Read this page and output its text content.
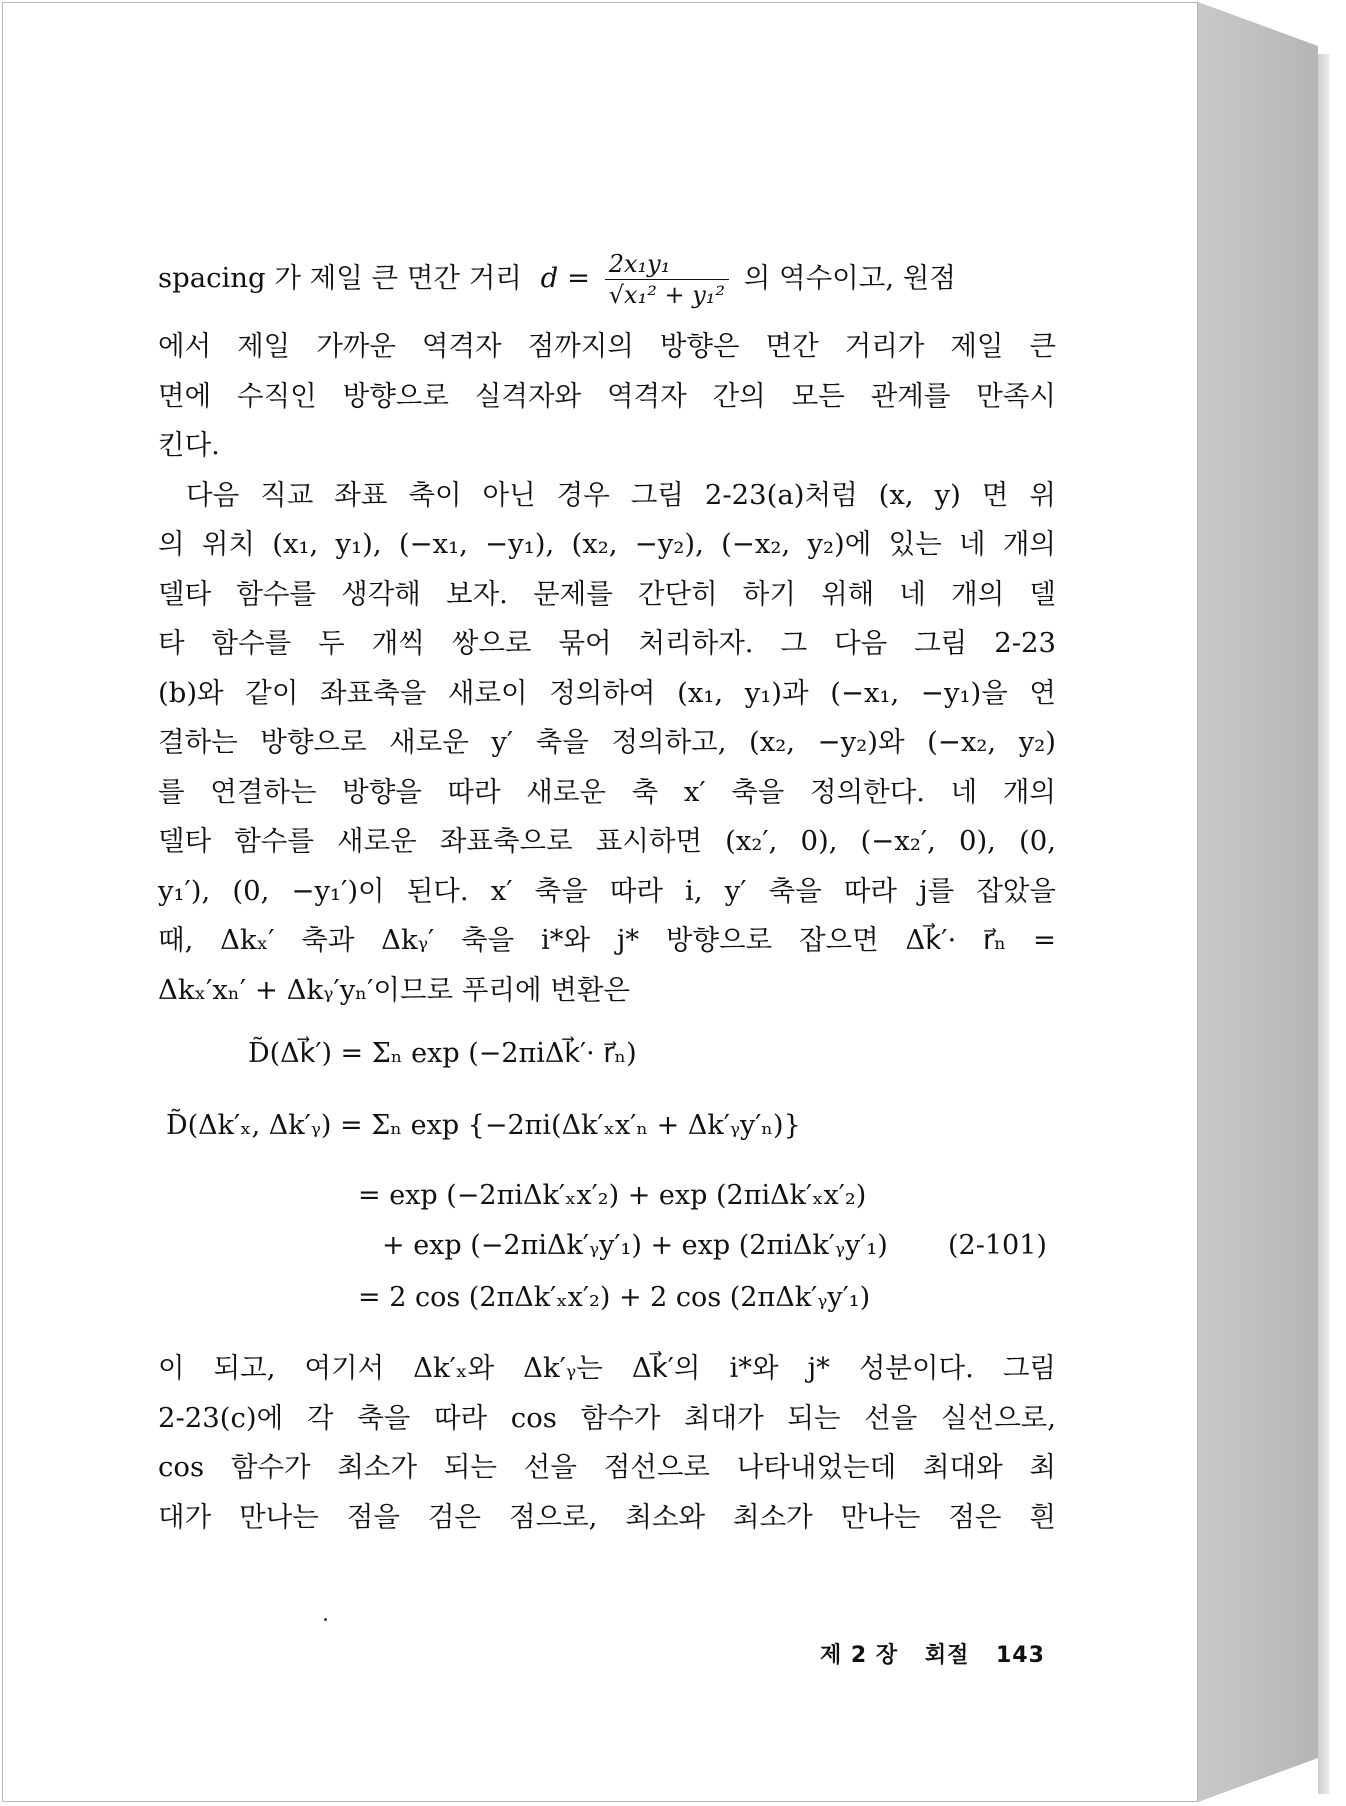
spacing 가 제일 큰 면간 거리 $d = \frac{\text{2x₁y₁}}{\text{√x₁² + y₁²}}$ 의 역수이고, 원점
에서 제일 가까운 역격자 점까지의 방향은 면간 거리가 제일 큰
면에 수직인 방향으로 실격자와 역격자 간의 모든 관계를 만족시
킨다.
다음 직교 좌표 축이 아닌 경우 그림 2-23(a)처럼 (x, y) 면 위
의 위치 (x₁, y₁), (−x₁, −y₁), (x₂, −y₂), (−x₂, y₂)에 있는 네 개의
델타 함수를 생각해 보자. 문제를 간단히 하기 위해 네 개의 델
타 함수를 두 개씩 쌍으로 묶어 처리하자. 그 다음 그림 2-23
(b)와 같이 좌표축을 새로이 정의하여 (x₁, y₁)과 (−x₁, −y₁)을 연
결하는 방향으로 새로운 y′ 축을 정의하고, (x₂, −y₂)와 (−x₂, y₂)
를 연결하는 방향을 따라 새로운 축 x′ 축을 정의한다. 네 개의
델타 함수를 새로운 좌표축으로 표시하면 (x₂′, 0), (−x₂′, 0), (0,
y₁′), (0, −y₁′)이 된다. x′ 축을 따라 i, y′ 축을 따라 j를 잡았을
때, Δkₓ′ 축과 Δkᵧ′ 축을 i*와 j* 방향으로 잡으면 Δk⃗′· r⃗ₙ =
Δkₓ′xₙ′ + Δkᵧ′yₙ′이므로 푸리에 변환은
D̃(Δk⃗′) = Σₙ exp (−2πiΔk⃗′· r⃗ₙ)
D̃(Δk′ₓ, Δk′ᵧ) = Σₙ exp {−2πi(Δk′ₓx′ₙ + Δk′ᵧy′ₙ)}
= exp (−2πiΔk′ₓx′₂) + exp (2πiΔk′ₓx′₂)
+ exp (−2πiΔk′ᵧy′₁) + exp (2πiΔk′ᵧy′₁) (2-101)
= 2 cos (2πΔk′ₓx′₂) + 2 cos (2πΔk′ᵧy′₁)
이 되고, 여기서 Δk′ₓ와 Δk′ᵧ는 Δk⃗′의 i*와 j* 성분이다. 그림
2-23(c)에 각 축을 따라 cos 함수가 최대가 되는 선을 실선으로,
cos 함수가 최소가 되는 선을 점선으로 나타내었는데 최대와 최
대가 만나는 점을 검은 점으로, 최소와 최소가 만나는 점은 흰
제 2 장 회절 143
